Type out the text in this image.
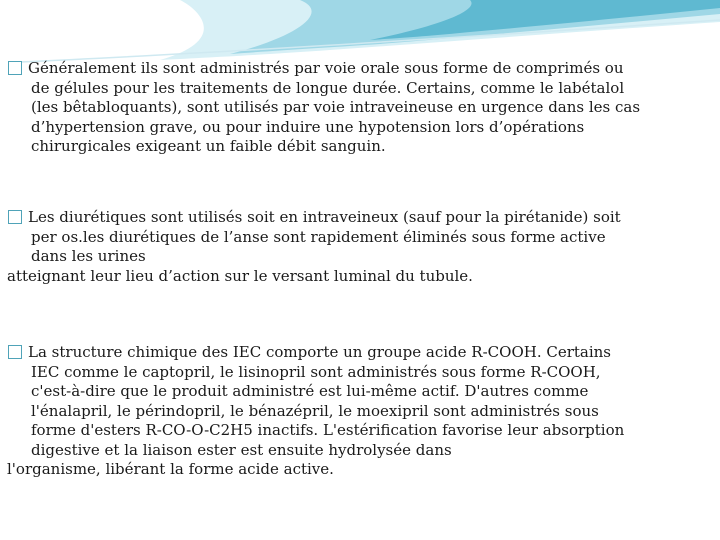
Généralement ils sont administrés par voie orale sous forme de comprimés ou
de gélules pour les traitements de longue durée. Certains, comme le labétalol
(les bêtabloquants), sont utilisés par voie intraveineuse en urgence dans les cas
d’hypertension grave, ou pour induire une hypotension lors d’opérations
chirurgicales exigeant un faible débit sanguin.
Les diurétiques sont utilisés soit en intraveineux (sauf pour la pirétanide) soit
per os.les diurétiques de l’anse sont rapidement éliminés sous forme active
dans les urines
atteignant leur lieu d’action sur le versant luminal du tubule.
La structure chimique des IEC comporte un groupe acide R-COOH. Certains
IEC comme le captopril, le lisinopril sont administrés sous forme R-COOH,
c'est-à-dire que le produit administré est lui-même actif. D'autres comme
l'énalapril, le périndopril, le bénazépril, le moexipril sont administrés sous
forme d'esters R-CO-O-C2H5 inactifs. L'estérification favorise leur absorption
digestive et la liaison ester est ensuite hydrolysée dans
l'organisme, libérant la forme acide active.
